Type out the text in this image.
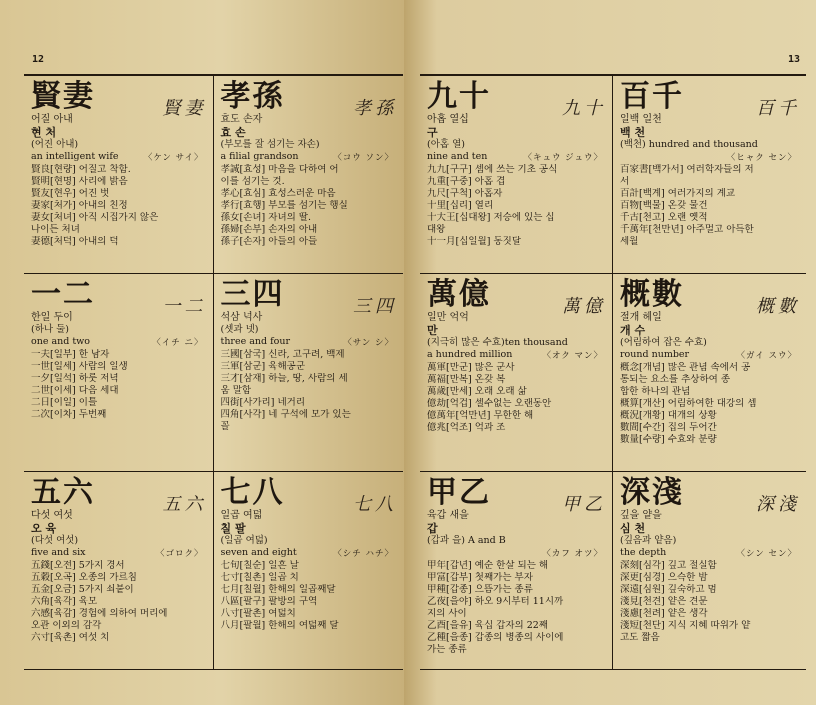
12
賢妻	賢妻
어질 아내
현 처
(어진 아내)
an intelligent wife	〈ケン サイ〉
賢良[현량] 어질고 착함.
賢明[현명] 사리에 밝음
賢友[현우] 어진 벗
妻家[처가] 아내의 친정
妻女[처녀] 아직 시집가지 않은
나이든 처녀
妻德[처덕] 아내의 덕
孝孫	孝孫
효도 손자
효 손
(부모를 잘 섬기는 자손)
a filial grandson	〈コウ ソン〉
孝誠[효성] 마음을 다하여 어
이를 섬기는 것.
孝心[효심] 효성스러운 마음
孝行[효행] 부모를 섬기는 행실
孫女[손녀] 자녀의 딸.
孫婦[손부] 손자의 아내
孫子[손자] 아들의 아들
一二	一二
한일 두이
(하나 둘)
one and two	〈イチ ニ〉
一夫[일부] 한 남자
一世[일세] 사람의 일생
一夕[일석] 하룻 저녁
二世[이세] 다음 세대
二日[이일] 이틀
二次[이차] 두번째
三四	三四
석삼 넉사
(셋과 넷)
three and four	〈サン シ〉
三國[삼국] 신라, 고구려, 백제
三軍[삼군] 육해공군
三才[삼재] 하늘, 땅, 사람의 세
움 말함
四街[사가리] 네거리
四角[사각] 네 구석에 모가 있는
꼴
五六	五六
다섯 여섯
오 육
(다섯 여섯)
five and six	〈ゴロク〉
五錢[오전] 5가지 경서
五穀[오곡] 오종의 가르침
五金[오금] 5가지 쇠붙이
六角[육각] 육모
六感[육감] 경험에 의하여 머리에
오관 이외의 감각
六寸[육촌] 여섯 치
七八	七八
일곱 여덟
칠 팔
(일곱 여덟)
seven and eight	〈シチ ハチ〉
七旬[칠순] 일흔 날
七寸[칠촌] 일곱 치
七月[칠월] 한해의 일곱째달
八區[팔구] 팔방의 구역
八寸[팔촌] 여덟치
八月[팔월] 한해의 여덟째 달
13
九十	九十
아홉 열십
구
(아홉 열)
nine and ten	〈キュウ ジュウ〉
九九[구구] 셈에 쓰는 기초 공식
九重[구중] 아홉 겹
九尺[구척] 아홉자
十里[십리] 열리
十大王[십대왕] 저승에 있는 십
대왕
十一月[십일월] 동짓달
百千	百千
일백 일천
백 천
(백천) hundred and thousand
〈ヒャク セン〉
百家書[백가서] 여러학자들의 저
서
百計[백계] 여러가지의 계교
百物[백물] 온갖 물건
千古[천고] 오랜 옛적
千萬年[천만년] 아주멀고 아득한
세월
萬億	萬億
일만 억억
만
(지극히 많은 수효)ten thousand
a hundred million	〈オク マン〉
萬軍[만군] 많은 군사
萬福[만복] 온갖 복
萬歲[만세] 오래 오래 삶
億劫[억겁] 셀수없는 오랜동안
億萬年[억만년] 무한한 해
億兆[억조] 억과 조
概數	概數
절개 헤일
개 수
(어림하여 잡은 수효)
round number	〈ガイ スウ〉
槪念[개념] 많은 관념 속에서 공
통되는 요소를 추상하여 종
합한 하나의 관념
概算[개산] 어림하여한 대강의 셈
槪況[개황] 대개의 상황
數間[수간] 집의 두어간
數量[수량] 수효와 분량
甲乙	甲乙
육갑 새을
갑
(갑과 을) A and B
〈カフ オツ〉
甲年[갑년] 예순 한살 되는 해
甲富[갑부] 첫째가는 부자
甲種[갑종] 으뜸가는 종류
乙夜[을야] 하오 9시부터 11시까
지의 사이
乙酉[을유] 육십 갑자의 22째
乙種[을종] 갑종의 병종의 사이에
가는 종류
深淺	深淺
깊을 얕을
심 천
(깊음과 얕음)
the depth	〈シン セン〉
深刻[심각] 깊고 절실함
深更[심경] 으슥한 밤
深遠[심원] 깊숙하고 멈
淺見[천견] 얕은 견문
淺慮[천려] 얕은 생각
淺短[천단] 지식 지혜 따위가 얕
고도 짧음
